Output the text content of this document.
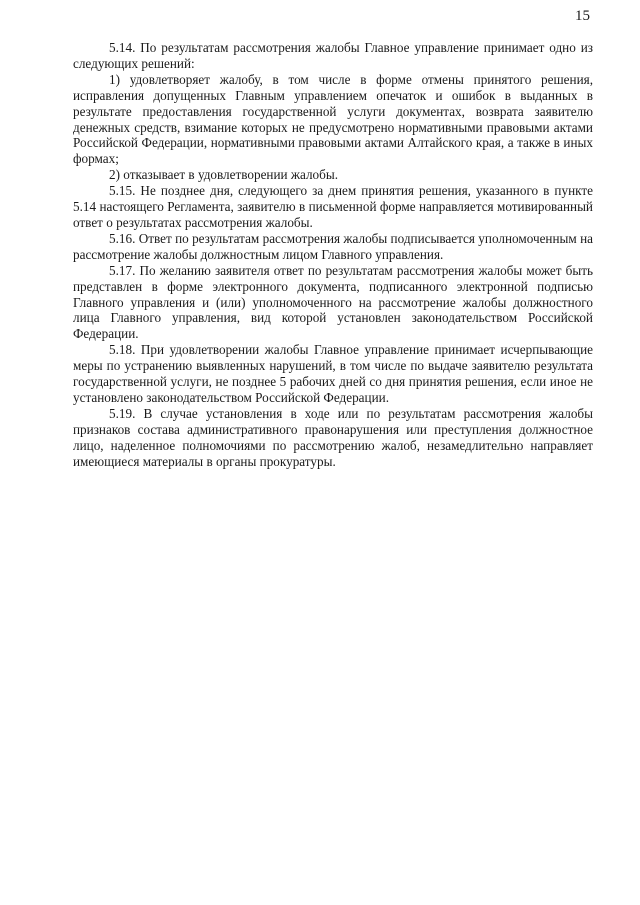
15

5.14. По результатам рассмотрения жалобы Главное управление принимает одно из следующих решений:

1) удовлетворяет жалобу, в том числе в форме отмены принятого решения, исправления допущенных Главным управлением опечаток и ошибок в выданных в результате предоставления государственной услуги документах, возврата заявителю денежных средств, взимание которых не предусмотрено нормативными правовыми актами Российской Федерации, нормативными правовыми актами Алтайского края, а также в иных формах;

2) отказывает в удовлетворении жалобы.

5.15. Не позднее дня, следующего за днем принятия решения, указанного в пункте 5.14 настоящего Регламента, заявителю в письменной форме направляется мотивированный ответ о результатах рассмотрения жалобы.

5.16. Ответ по результатам рассмотрения жалобы подписывается уполномоченным на рассмотрение жалобы должностным лицом Главного управления.

5.17. По желанию заявителя ответ по результатам рассмотрения жалобы может быть представлен в форме электронного документа, подписанного электронной подписью Главного управления и (или) уполномоченного на рассмотрение жалобы должностного лица Главного управления, вид которой установлен законодательством Российской Федерации.

5.18. При удовлетворении жалобы Главное управление принимает исчерпывающие меры по устранению выявленных нарушений, в том числе по выдаче заявителю результата государственной услуги, не позднее 5 рабочих дней со дня принятия решения, если иное не установлено законодательством Российской Федерации.

5.19. В случае установления в ходе или по результатам рассмотрения жалобы признаков состава административного правонарушения или преступления должностное лицо, наделенное полномочиями по рассмотрению жалоб, незамедлительно направляет имеющиеся материалы в органы прокуратуры.
